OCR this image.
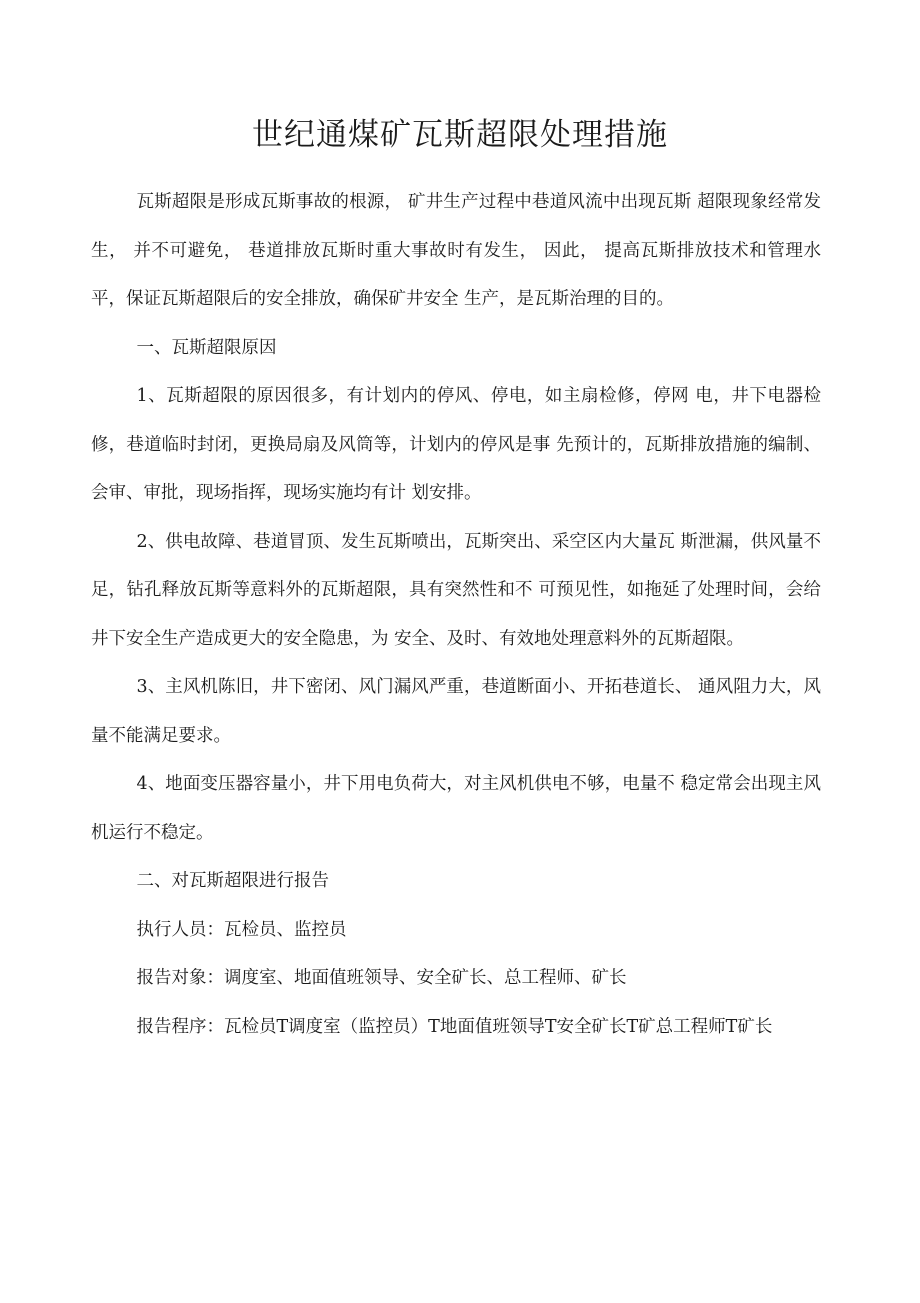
世纪通煤矿瓦斯超限处理措施

瓦斯超限是形成瓦斯事故的根源， 矿井生产过程中巷道风流中出现瓦斯 超限现象经常发生， 并不可避免， 巷道排放瓦斯时重大事故时有发生， 因此， 提高瓦斯排放技术和管理水平，保证瓦斯超限后的安全排放，确保矿井安全 生产，是瓦斯治理的目的。

一、瓦斯超限原因

1、瓦斯超限的原因很多，有计划内的停风、停电，如主扇检修，停网 电，井下电器检修，巷道临时封闭，更换局扇及风筒等，计划内的停风是事 先预计的，瓦斯排放措施的编制、会审、审批，现场指挥，现场实施均有计 划安排。

2、供电故障、巷道冒顶、发生瓦斯喷出，瓦斯突出、采空区内大量瓦 斯泄漏，供风量不足，钻孔释放瓦斯等意料外的瓦斯超限，具有突然性和不 可预见性，如拖延了处理时间，会给井下安全生产造成更大的安全隐患，为 安全、及时、有效地处理意料外的瓦斯超限。

3、主风机陈旧，井下密闭、风门漏风严重，巷道断面小、开拓巷道长、 通风阻力大，风量不能满足要求。

4、地面变压器容量小，井下用电负荷大，对主风机供电不够，电量不 稳定常会出现主风机运行不稳定。

二、对瓦斯超限进行报告

执行人员：瓦检员、监控员

报告对象：调度室、地面值班领导、安全矿长、总工程师、矿长

报告程序：瓦检员T调度室（监控员）T地面值班领导T安全矿长T矿总工程师T矿长
